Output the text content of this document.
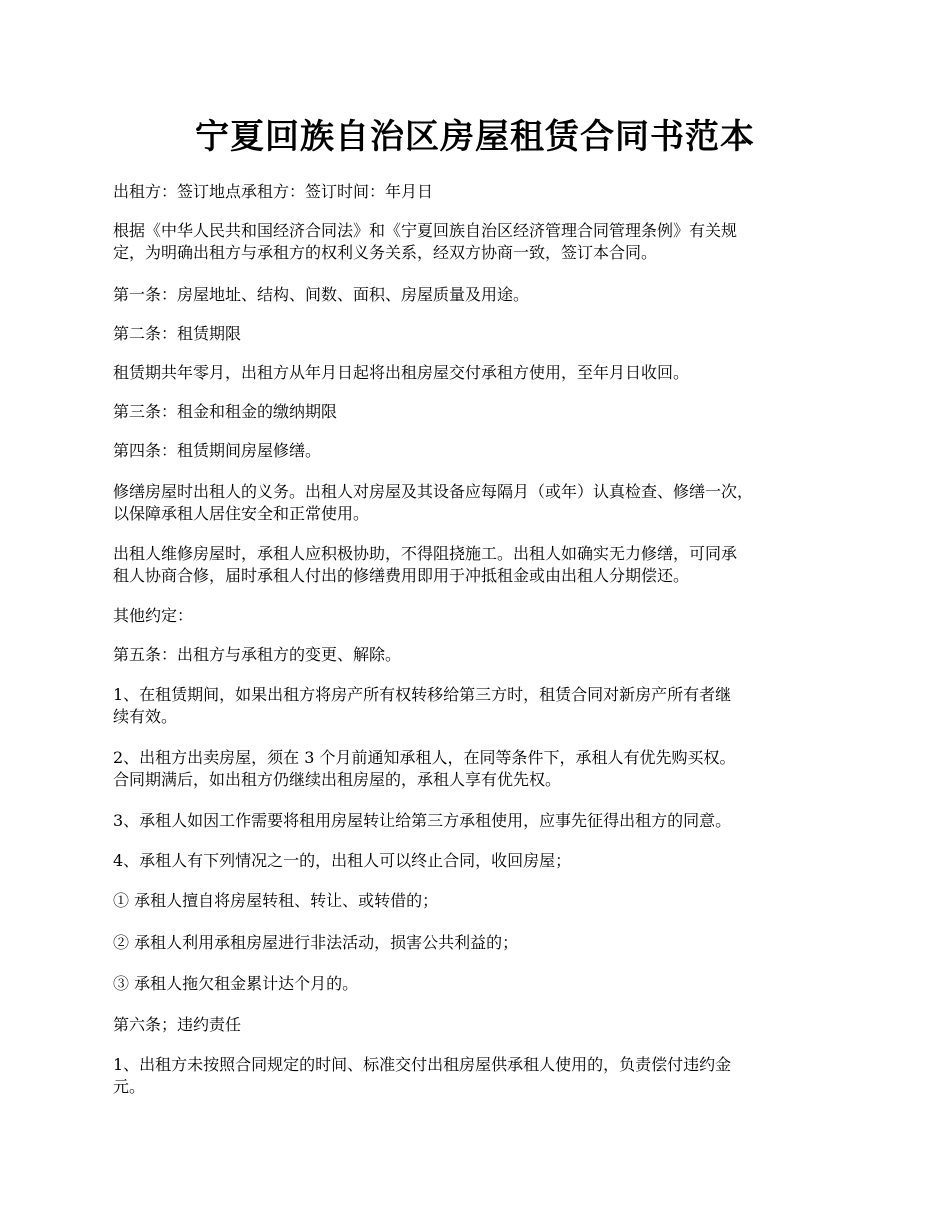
宁夏回族自治区房屋租赁合同书范本

出租方：签订地点承租方：签订时间：年月日

根据《中华人民共和国经济合同法》和《宁夏回族自治区经济管理合同管理条例》有关规
定，为明确出租方与承租方的权利义务关系，经双方协商一致，签订本合同。

第一条：房屋地址、结构、间数、面积、房屋质量及用途。

第二条：租赁期限

租赁期共年零月，出租方从年月日起将出租房屋交付承租方使用，至年月日收回。

第三条：租金和租金的缴纳期限

第四条：租赁期间房屋修缮。

修缮房屋时出租人的义务。出租人对房屋及其设备应每隔月（或年）认真检查、修缮一次，
以保障承租人居住安全和正常使用。

出租人维修房屋时，承租人应积极协助，不得阻挠施工。出租人如确实无力修缮，可同承
租人协商合修，届时承租人付出的修缮费用即用于冲抵租金或由出租人分期偿还。

其他约定：

第五条：出租方与承租方的变更、解除。

1、在租赁期间，如果出租方将房产所有权转移给第三方时，租赁合同对新房产所有者继
续有效。

2、出租方出卖房屋，须在 3 个月前通知承租人，在同等条件下，承租人有优先购买权。
合同期满后，如出租方仍继续出租房屋的，承租人享有优先权。

3、承租人如因工作需要将租用房屋转让给第三方承租使用，应事先征得出租方的同意。

4、承租人有下列情况之一的，出租人可以终止合同，收回房屋；

① 承租人擅自将房屋转租、转让、或转借的；

② 承租人利用承租房屋进行非法活动，损害公共利益的；

③ 承租人拖欠租金累计达个月的。

第六条；违约责任

1、出租方未按照合同规定的时间、标准交付出租房屋供承租人使用的，负责偿付违约金
元。
